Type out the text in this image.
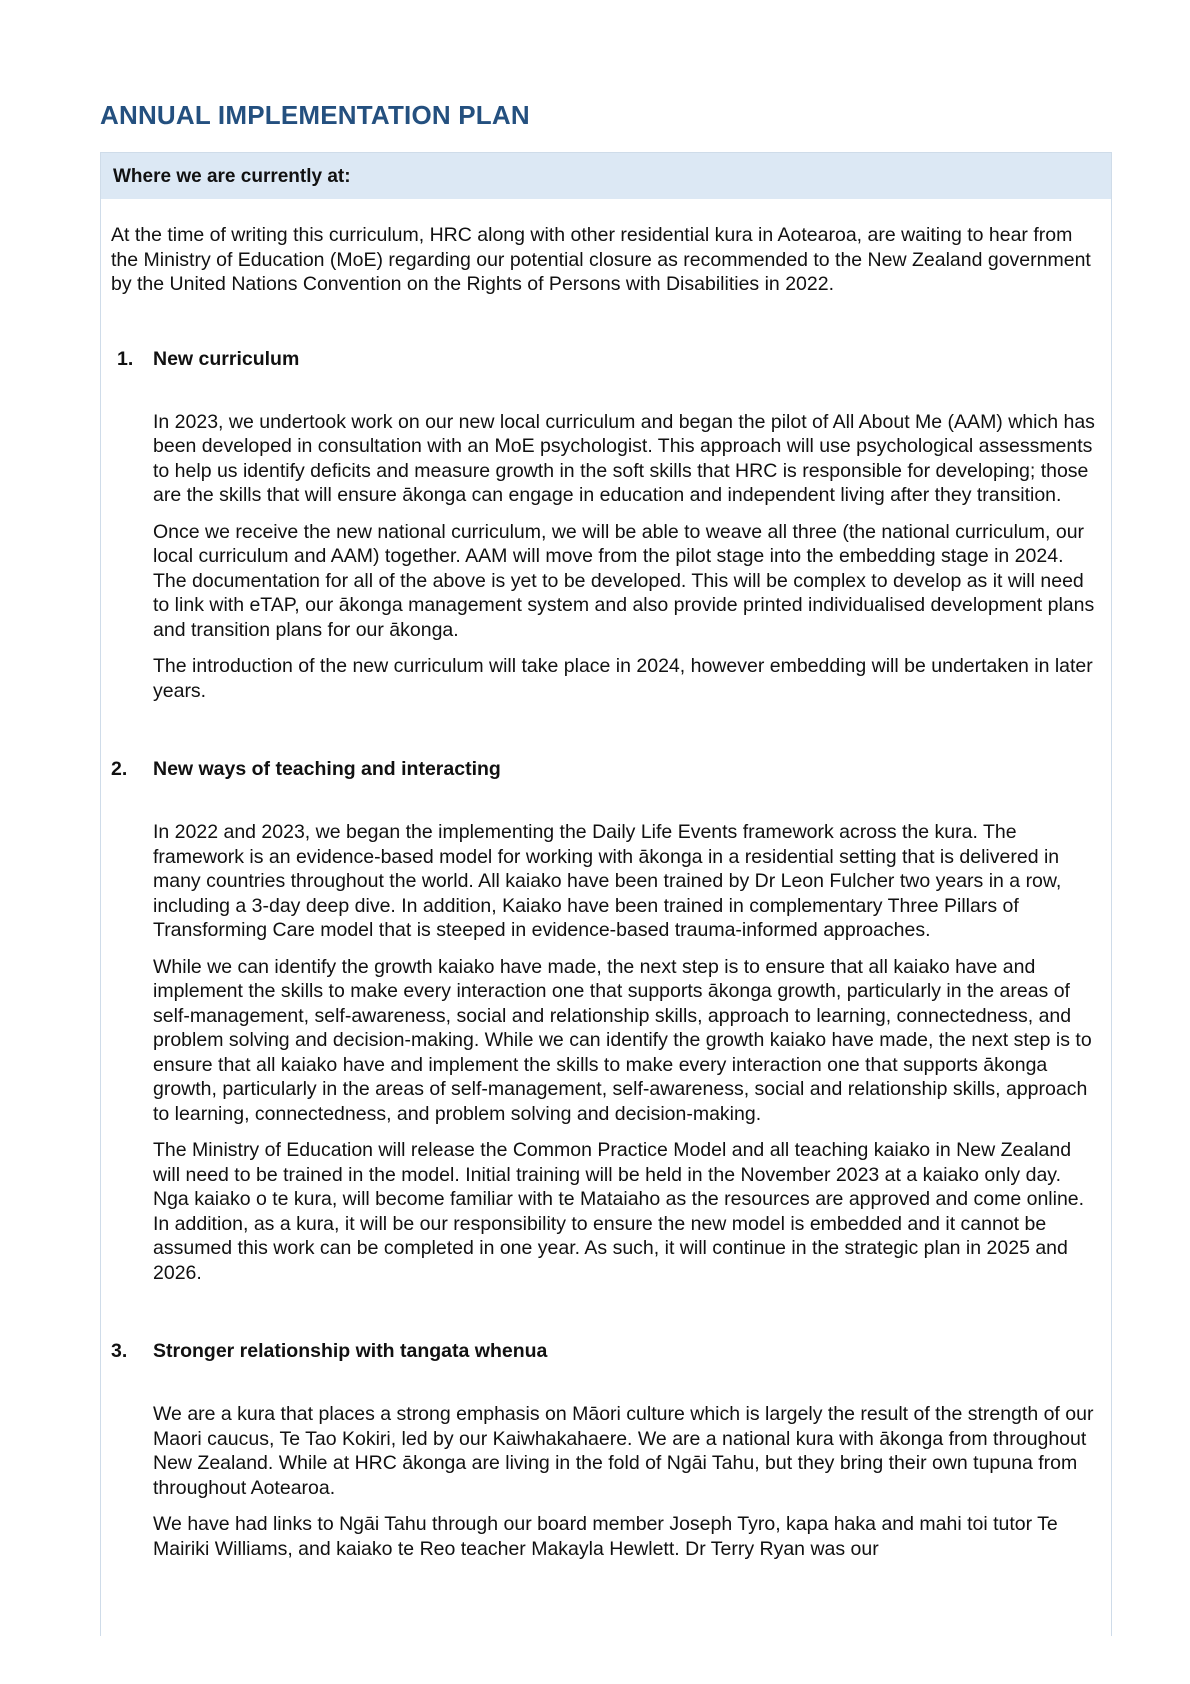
ANNUAL IMPLEMENTATION PLAN
Where we are currently at:

At the time of writing this curriculum, HRC along with other residential kura in Aotearoa, are waiting to hear from the Ministry of Education (MoE) regarding our potential closure as recommended to the New Zealand government by the United Nations Convention on the Rights of Persons with Disabilities in 2022.

1.	New curriculum

In 2023, we undertook work on our new local curriculum and began the pilot of All About Me (AAM) which has been developed in consultation with an MoE psychologist. This approach will use psychological assessments to help us identify deficits and measure growth in the soft skills that HRC is responsible for developing; those are the skills that will ensure ākonga can engage in education and independent living after they transition.

Once we receive the new national curriculum, we will be able to weave all three (the national curriculum, our local curriculum and AAM) together. AAM will move from the pilot stage into the embedding stage in 2024. The documentation for all of the above is yet to be developed. This will be complex to develop as it will need to link with eTAP, our ākonga management system and also provide printed individualised development plans and transition plans for our ākonga.

The introduction of the new curriculum will take place in 2024, however embedding will be undertaken in later years.

2.	New ways of teaching and interacting

In 2022 and 2023, we began the implementing the Daily Life Events framework across the kura. The framework is an evidence-based model for working with ākonga in a residential setting that is delivered in many countries throughout the world. All kaiako have been trained by Dr Leon Fulcher two years in a row, including a 3-day deep dive. In addition, Kaiako have been trained in complementary Three Pillars of Transforming Care model that is steeped in evidence-based trauma-informed approaches.

While we can identify the growth kaiako have made, the next step is to ensure that all kaiako have and implement the skills to make every interaction one that supports ākonga growth, particularly in the areas of self-management, self-awareness, social and relationship skills, approach to learning, connectedness, and problem solving and decision-making. While we can identify the growth kaiako have made, the next step is to ensure that all kaiako have and implement the skills to make every interaction one that supports ākonga growth, particularly in the areas of self-management, self-awareness, social and relationship skills, approach to learning, connectedness, and problem solving and decision-making.

The Ministry of Education will release the Common Practice Model and all teaching kaiako in New Zealand will need to be trained in the model. Initial training will be held in the November 2023 at a kaiako only day. Nga kaiako o te kura, will become familiar with te Mataiaho as the resources are approved and come online. In addition, as a kura, it will be our responsibility to ensure the new model is embedded and it cannot be assumed this work can be completed in one year. As such, it will continue in the strategic plan in 2025 and 2026.

3.	Stronger relationship with tangata whenua

We are a kura that places a strong emphasis on Māori culture which is largely the result of the strength of our Maori caucus, Te Tao Kokiri, led by our Kaiwhakahaere. We are a national kura with ākonga from throughout New Zealand. While at HRC ākonga are living in the fold of Ngāi Tahu, but they bring their own tupuna from throughout Aotearoa.

We have had links to Ngāi Tahu through our board member Joseph Tyro, kapa haka and mahi toi tutor Te Mairiki Williams, and kaiako te Reo teacher Makayla Hewlett. Dr Terry Ryan was our
